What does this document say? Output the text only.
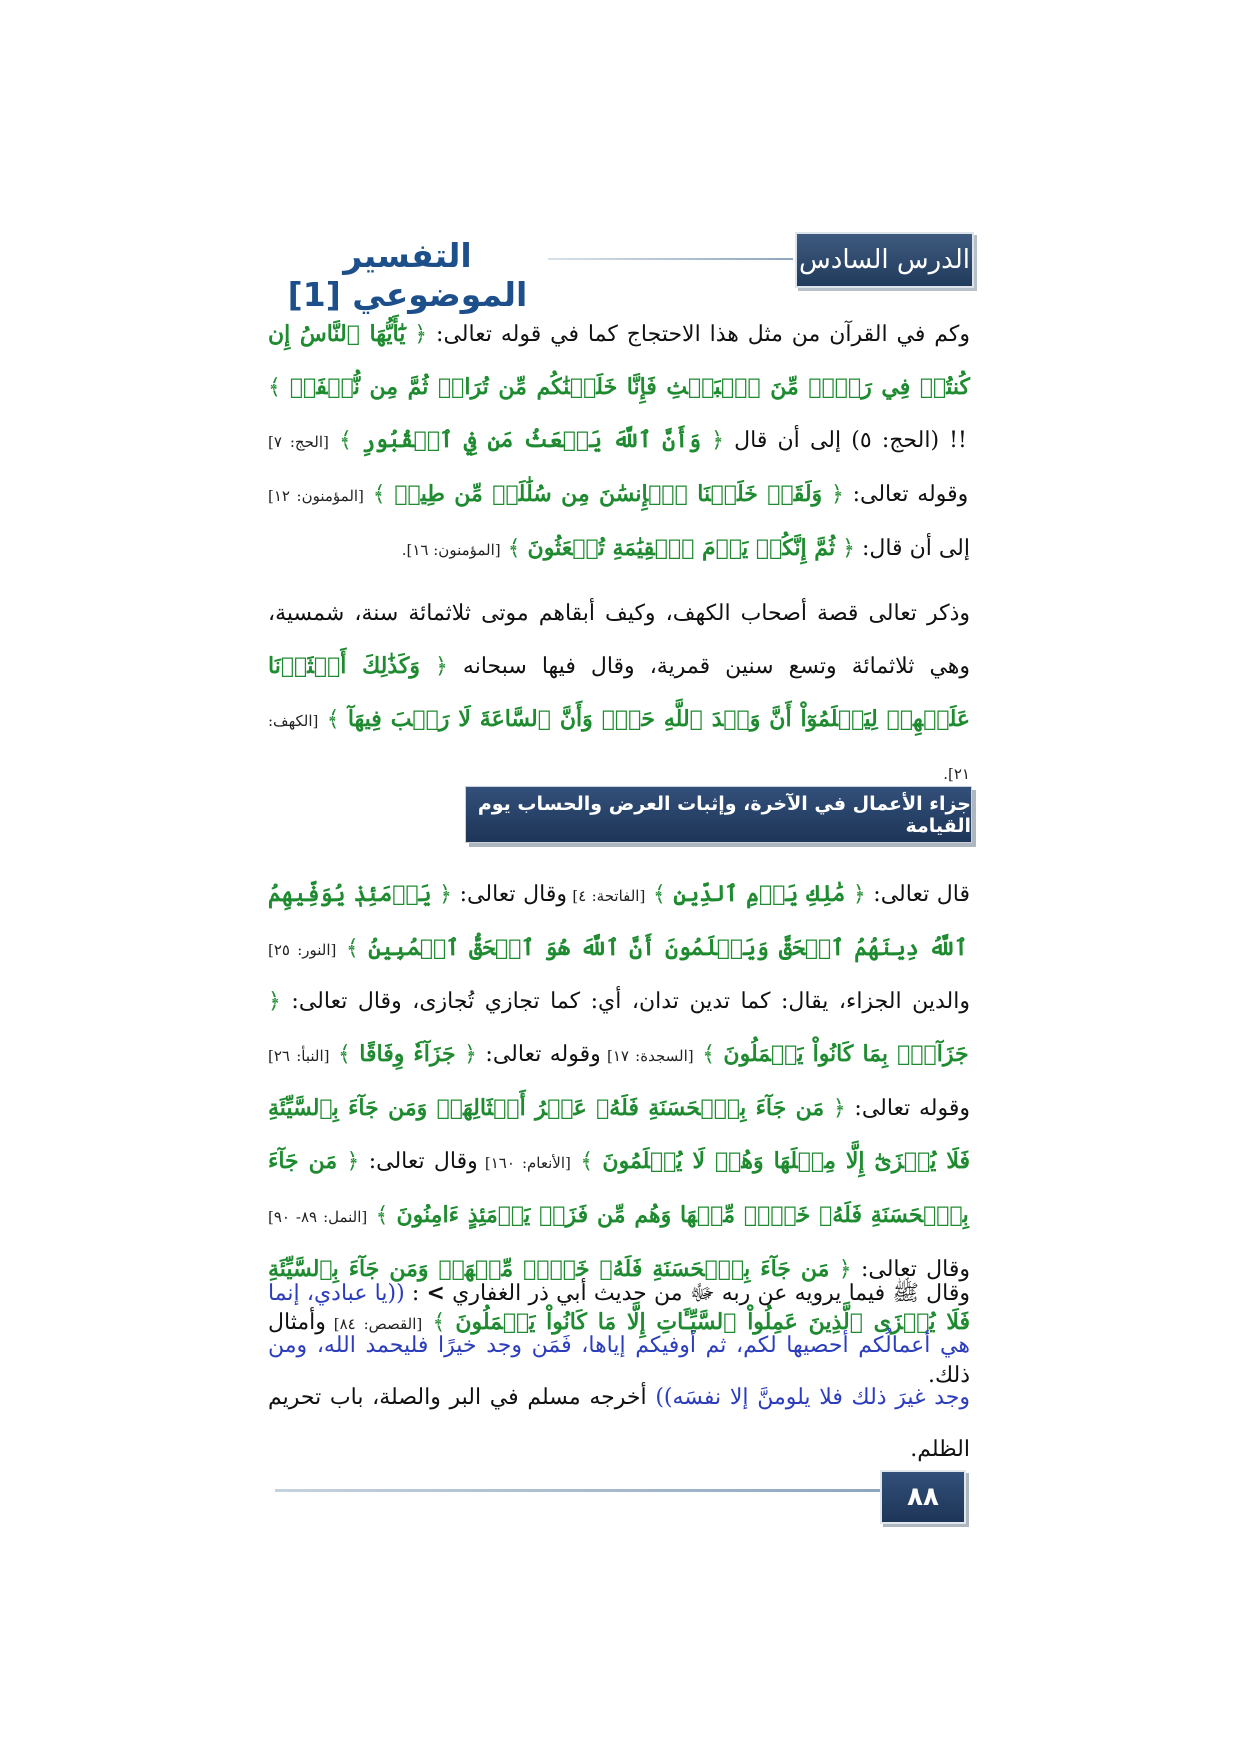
الدرس السادس
التفسير الموضوعي [1]

وكم في القرآن من مثل هذا الاحتجاج كما في قوله تعالى: ﴿ يَٰٓأَيُّهَا ٱلنَّاسُ إِن كُنتُمۡ فِي رَيۡبٖ مِّنَ ٱلۡبَعۡثِ فَإِنَّا خَلَقۡنَٰكُم مِّن تُرَابٖ ثُمَّ مِن نُّطۡفَةٖ ﴾ !! (الحج: ٥) إلى أن قال ﴿ وَأَنَّ ٱللَّهَ يَبۡعَثُ مَن فِي ٱلۡقُبُورِ ﴾ [الحج: ٧] وقوله تعالى: ﴿ وَلَقَدۡ خَلَقۡنَا ٱلۡإِنسَٰنَ مِن سُلَٰلَةٖ مِّن طِينٖ ﴾ [المؤمنون: ١٢] إلى أن قال: ﴿ ثُمَّ إِنَّكُمۡ يَوۡمَ ٱلۡقِيَٰمَةِ تُبۡعَثُونَ ﴾ [المؤمنون: ١٦].

وذكر تعالى قصة أصحاب الكهف، وكيف أبقاهم موتى ثلاثمائة سنة، شمسية، وهي ثلاثمائة وتسع سنين قمرية، وقال فيها سبحانه ﴿ وَكَذَٰلِكَ أَعۡثَرۡنَا عَلَيۡهِمۡ لِيَعۡلَمُوٓاْ أَنَّ وَعۡدَ ٱللَّهِ حَقّٞ وَأَنَّ ٱلسَّاعَةَ لَا رَيۡبَ فِيهَآ ﴾ [الكهف: ٢١].

جزاء الأعمال في الآخرة، وإثبات العرض والحساب يوم القيامة

قال تعالى: ﴿ مَٰلِكِ يَوۡمِ ٱلدِّينِ ﴾ [الفاتحة: ٤] وقال تعالى: ﴿ يَوۡمَئِذٖ يُوَفِّيهِمُ ٱللَّهُ دِينَهُمُ ٱلۡحَقَّ وَيَعۡلَمُونَ أَنَّ ٱللَّهَ هُوَ ٱلۡحَقُّ ٱلۡمُبِينُ ﴾ [النور: ٢٥] والدين الجزاء، يقال: كما تدين تدان، أي: كما تجازي تُجازى، وقال تعالى: ﴿ جَزَآءَۢ بِمَا كَانُواْ يَعۡمَلُونَ ﴾ [السجدة: ١٧] وقوله تعالى: ﴿ جَزَآءٗ وِفَاقًا ﴾ [النبأ: ٢٦] وقوله تعالى: ﴿ مَن جَآءَ بِٱلۡحَسَنَةِ فَلَهُۥ عَشۡرُ أَمۡثَالِهَاۖ وَمَن جَآءَ بِٱلسَّيِّئَةِ فَلَا يُجۡزَىٰٓ إِلَّا مِثۡلَهَا وَهُمۡ لَا يُظۡلَمُونَ ﴾ [الأنعام: ١٦٠] وقال تعالى: ﴿ مَن جَآءَ بِٱلۡحَسَنَةِ فَلَهُۥ خَيۡرٞ مِّنۡهَا وَهُم مِّن فَزَعٖ يَوۡمَئِذٍ ءَامِنُونَ ﴾ [النمل: ٨٩- ٩٠] وقال تعالى: ﴿ مَن جَآءَ بِٱلۡحَسَنَةِ فَلَهُۥ خَيۡرٞ مِّنۡهَاۖ وَمَن جَآءَ بِٱلسَّيِّئَةِ فَلَا يُجۡزَى ٱلَّذِينَ عَمِلُواْ ٱلسَّيِّـَٔاتِ إِلَّا مَا كَانُواْ يَعۡمَلُونَ ﴾ [القصص: ٨٤] وأمثال ذلك.

وقال ﷺ فيما يرويه عن ربه ﷻ من حديث أبي ذر الغفاري > : ((يا عبادي، إنما هي أعمالُكم أحصيها لكم، ثم أوفيكم إياها، فَمَن وجد خيرًا فليحمد الله، ومن وجد غيرَ ذلك فلا يلومنَّ إلا نفسَه)) أخرجه مسلم في البر والصلة، باب تحريم الظلم.

٨٨
